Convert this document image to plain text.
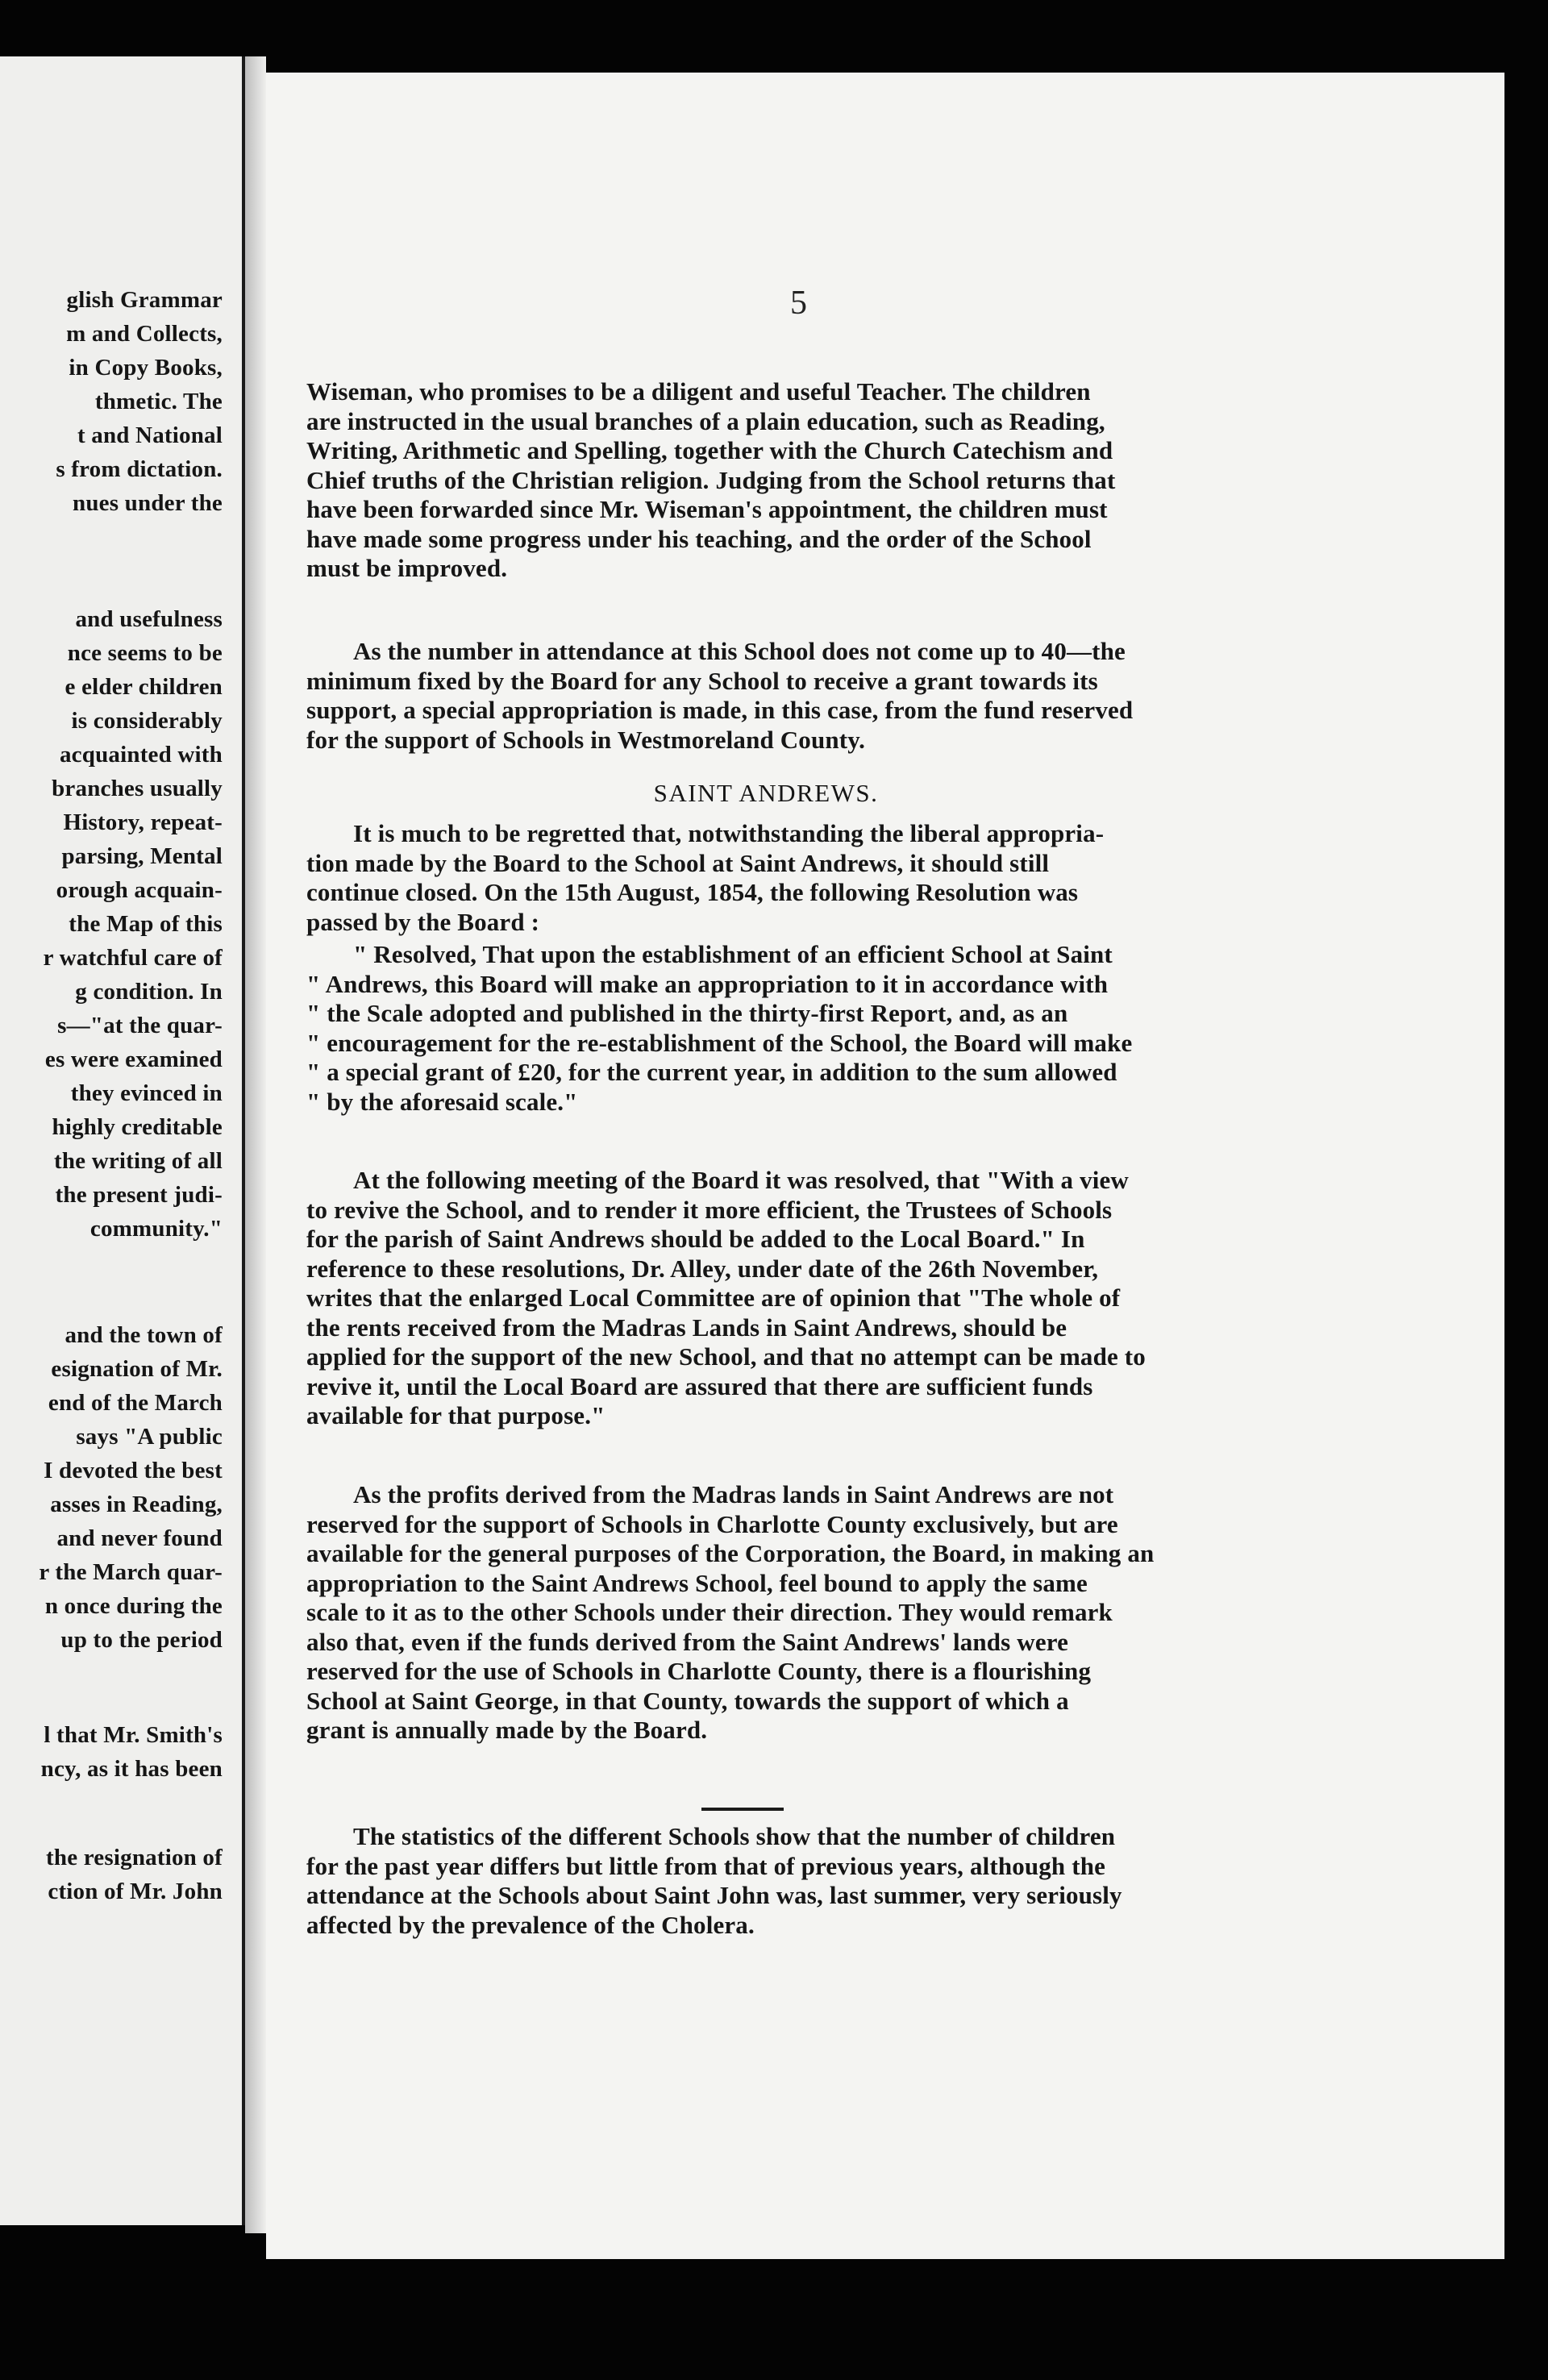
glish Grammar
m and Collects,
in Copy Books,
thmetic. The
t and National
s from dictation.
nues under the
and usefulness
nce seems to be
e elder children
is considerably
acquainted with
branches usually
History, repeat-
parsing, Mental
orough acquain-
the Map of this
r watchful care of
g condition. In
s—"at the quar-
es were examined
they evinced in
highly creditable
the writing of all
the present judi-
community."
and the town of
esignation of Mr.
end of the March
says "A public
I devoted the best
asses in Reading,
and never found
r the March quar-
n once during the
up to the period
l that Mr. Smith's
ncy, as it has been
the resignation of
ction of Mr. John
5
Wiseman, who promises to be a diligent and useful Teacher. The children
are instructed in the usual branches of a plain education, such as Reading,
Writing, Arithmetic and Spelling, together with the Church Catechism and
Chief truths of the Christian religion. Judging from the School returns that
have been forwarded since Mr. Wiseman's appointment, the children must
have made some progress under his teaching, and the order of the School
must be improved.
As the number in attendance at this School does not come up to 40—the
minimum fixed by the Board for any School to receive a grant towards its
support, a special appropriation is made, in this case, from the fund reserved
for the support of Schools in Westmoreland County.
SAINT ANDREWS.
It is much to be regretted that, notwithstanding the liberal appropria-
tion made by the Board to the School at Saint Andrews, it should still
continue closed. On the 15th August, 1854, the following Resolution was
passed by the Board :
" Resolved, That upon the establishment of an efficient School at Saint
" Andrews, this Board will make an appropriation to it in accordance with
" the Scale adopted and published in the thirty-first Report, and, as an
" encouragement for the re-establishment of the School, the Board will make
" a special grant of £20, for the current year, in addition to the sum allowed
" by the aforesaid scale."
At the following meeting of the Board it was resolved, that "With a view
to revive the School, and to render it more efficient, the Trustees of Schools
for the parish of Saint Andrews should be added to the Local Board." In
reference to these resolutions, Dr. Alley, under date of the 26th November,
writes that the enlarged Local Committee are of opinion that "The whole of
the rents received from the Madras Lands in Saint Andrews, should be
applied for the support of the new School, and that no attempt can be made to
revive it, until the Local Board are assured that there are sufficient funds
available for that purpose."
As the profits derived from the Madras lands in Saint Andrews are not
reserved for the support of Schools in Charlotte County exclusively, but are
available for the general purposes of the Corporation, the Board, in making an
appropriation to the Saint Andrews School, feel bound to apply the same
scale to it as to the other Schools under their direction. They would remark
also that, even if the funds derived from the Saint Andrews' lands were
reserved for the use of Schools in Charlotte County, there is a flourishing
School at Saint George, in that County, towards the support of which a
grant is annually made by the Board.
The statistics of the different Schools show that the number of children
for the past year differs but little from that of previous years, although the
attendance at the Schools about Saint John was, last summer, very seriously
affected by the prevalence of the Cholera.
